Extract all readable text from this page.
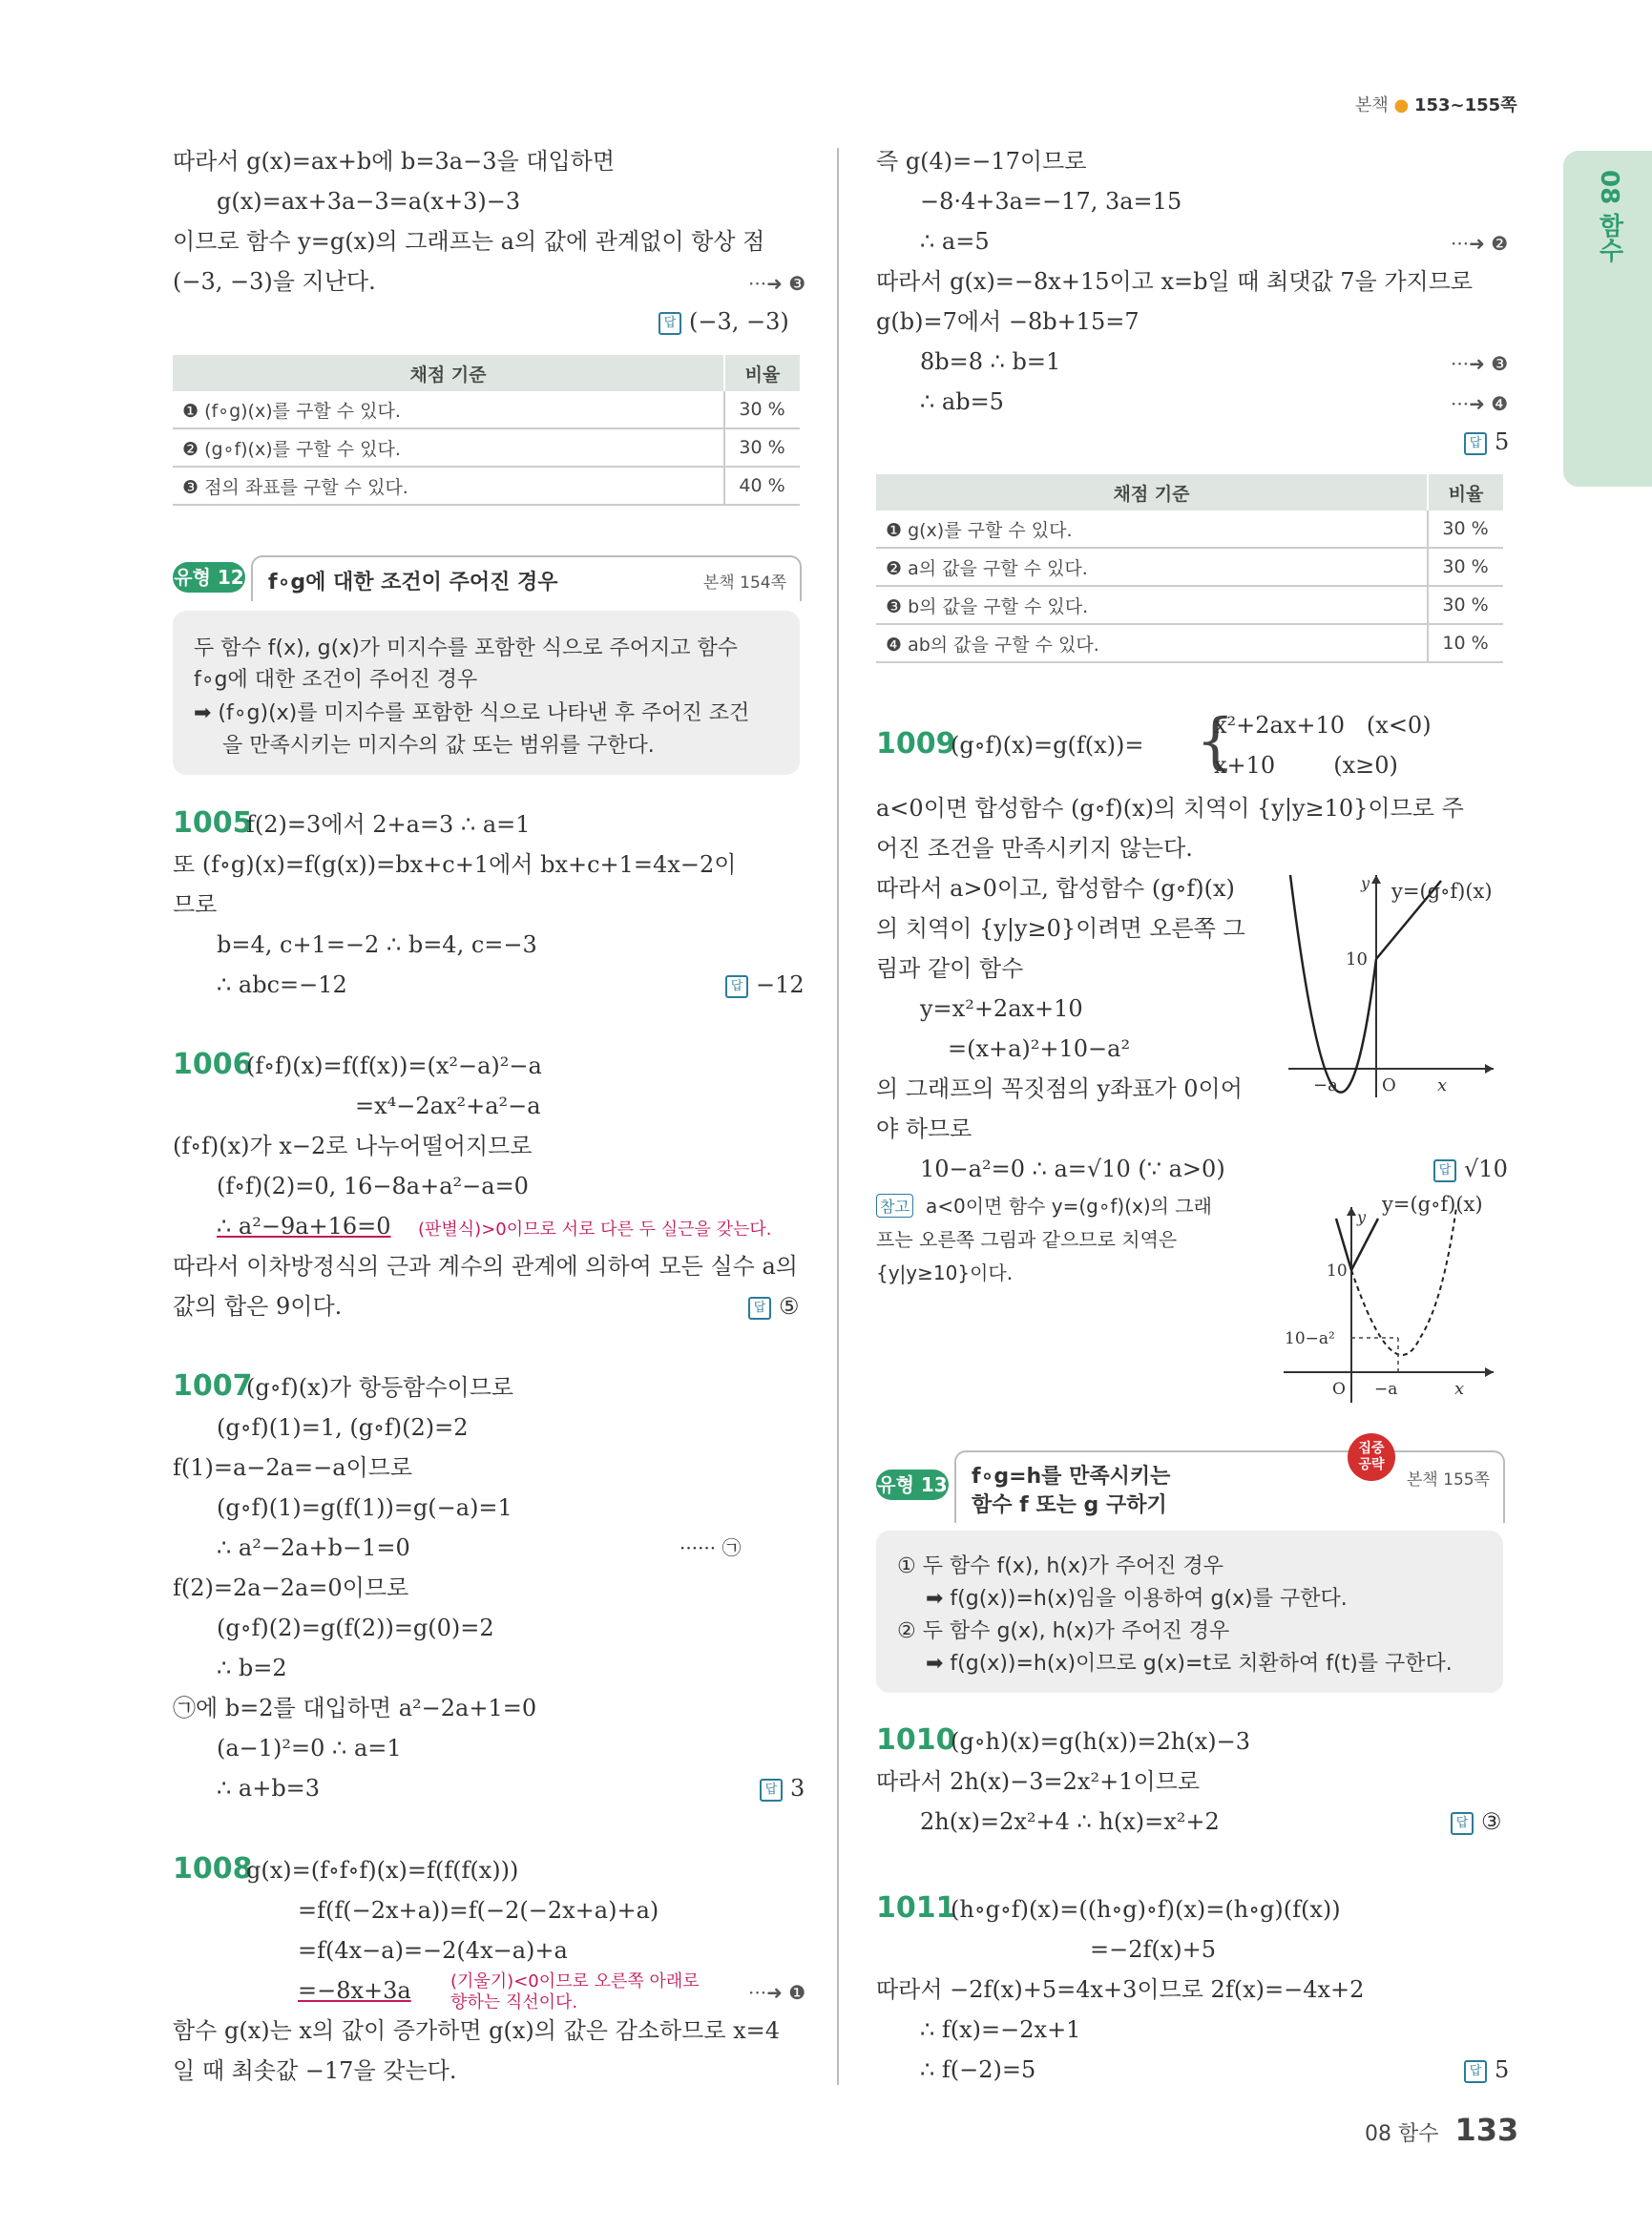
본책 ● 153~155쪽
08 함수
따라서 g(x)=ax+b에 b=3a−3을 대입하면
g(x)=ax+3a−3=a(x+3)−3
이므로 함수 y=g(x)의 그래프는 a의 값에 관계없이 항상 점
(−3, −3)을 지난다.	···➜ ❸
답 (−3, −3)
채점 기준	비율
❶ (f∘g)(x)를 구할 수 있다.	30 %
❷ (g∘f)(x)를 구할 수 있다.	30 %
❸ 점의 좌표를 구할 수 있다.	40 %
유형 12 f∘g에 대한 조건이 주어진 경우	본책 154쪽
두 함수 f(x), g(x)가 미지수를 포함한 식으로 주어지고 함수
f∘g에 대한 조건이 주어진 경우
➡ (f∘g)(x)를 미지수를 포함한 식으로 나타낸 후 주어진 조건
을 만족시키는 미지수의 값 또는 범위를 구한다.
1005
f(2)=3에서 2+a=3 ∴ a=1
또 (f∘g)(x)=f(g(x))=bx+c+1에서 bx+c+1=4x−2이
므로
b=4, c+1=−2 ∴ b=4, c=−3
∴ abc=−12	답 −12
1006
(f∘f)(x)=f(f(x))=(x²−a)²−a
=x⁴−2ax²+a²−a
(f∘f)(x)가 x−2로 나누어떨어지므로
(f∘f)(2)=0, 16−8a+a²−a=0
∴ a²−9a+16=0 (판별식)>0이므로 서로 다른 두 실근을 갖는다.
따라서 이차방정식의 근과 계수의 관계에 의하여 모든 실수 a의
값의 합은 9이다.	답 ⑤
1007
(g∘f)(x)가 항등함수이므로
(g∘f)(1)=1, (g∘f)(2)=2
f(1)=a−2a=−a이므로
(g∘f)(1)=g(f(1))=g(−a)=1
∴ a²−2a+b−1=0	······ ㉠
f(2)=2a−2a=0이므로
(g∘f)(2)=g(f(2))=g(0)=2
∴ b=2
㉠에 b=2를 대입하면 a²−2a+1=0
(a−1)²=0 ∴ a=1
∴ a+b=3	답 3
1008
g(x)=(f∘f∘f)(x)=f(f(f(x)))
=f(f(−2x+a))=f(−2(−2x+a)+a)
=f(4x−a)=−2(4x−a)+a
=−8x+3a (기울기)<0이므로 오른쪽 아래로
향하는 직선이다.	···➜ ❶
함수 g(x)는 x의 값이 증가하면 g(x)의 값은 감소하므로 x=4
일 때 최솟값 −17을 갖는다.
즉 g(4)=−17이므로
−8·4+3a=−17, 3a=15
∴ a=5	···➜ ❷
따라서 g(x)=−8x+15이고 x=b일 때 최댓값 7을 가지므로
g(b)=7에서 −8b+15=7
8b=8 ∴ b=1	···➜ ❸
∴ ab=5	···➜ ❹
답 5
채점 기준	비율
❶ g(x)를 구할 수 있다.	30 %
❷ a의 값을 구할 수 있다.	30 %
❸ b의 값을 구할 수 있다.	30 %
❹ ab의 값을 구할 수 있다.	10 %
1009
(g∘f)(x)=g(f(x))= {
x²+2ax+10   (x<0)
x+10        (x≥0)
a<0이면 합성함수 (g∘f)(x)의 치역이 {y|y≥10}이므로 주
어진 조건을 만족시키지 않는다.
따라서 a>0이고, 합성함수 (g∘f)(x)
의 치역이 {y|y≥0}이려면 오른쪽 그
림과 같이 함수
y=x²+2ax+10
=(x+a)²+10−a²
의 그래프의 꼭짓점의 y좌표가 0이어
야 하므로
10−a²=0 ∴ a=√10 (∵ a>0)	답 √10
y=(g∘f)(x)
y
x
10
−a	O
참고 a<0이면 함수 y=(g∘f)(x)의 그래
프는 오른쪽 그림과 같으므로 치역은
{y|y≥10}이다.
y=(g∘f)(x)
y
x
10
10−a²
−a
O
유형 13 f∘g=h를 만족시키는
함수 f 또는 g 구하기
본책 155쪽
집중
공략
① 두 함수 f(x), h(x)가 주어진 경우
➡ f(g(x))=h(x)임을 이용하여 g(x)를 구한다.
② 두 함수 g(x), h(x)가 주어진 경우
➡ f(g(x))=h(x)이므로 g(x)=t로 치환하여 f(t)를 구한다.
1010
(g∘h)(x)=g(h(x))=2h(x)−3
따라서 2h(x)−3=2x²+1이므로
2h(x)=2x²+4 ∴ h(x)=x²+2	답 ③
1011
(h∘g∘f)(x)=((h∘g)∘f)(x)=(h∘g)(f(x))
=−2f(x)+5
따라서 −2f(x)+5=4x+3이므로 2f(x)=−4x+2
∴ f(x)=−2x+1
∴ f(−2)=5	답 5
08 함수 133
